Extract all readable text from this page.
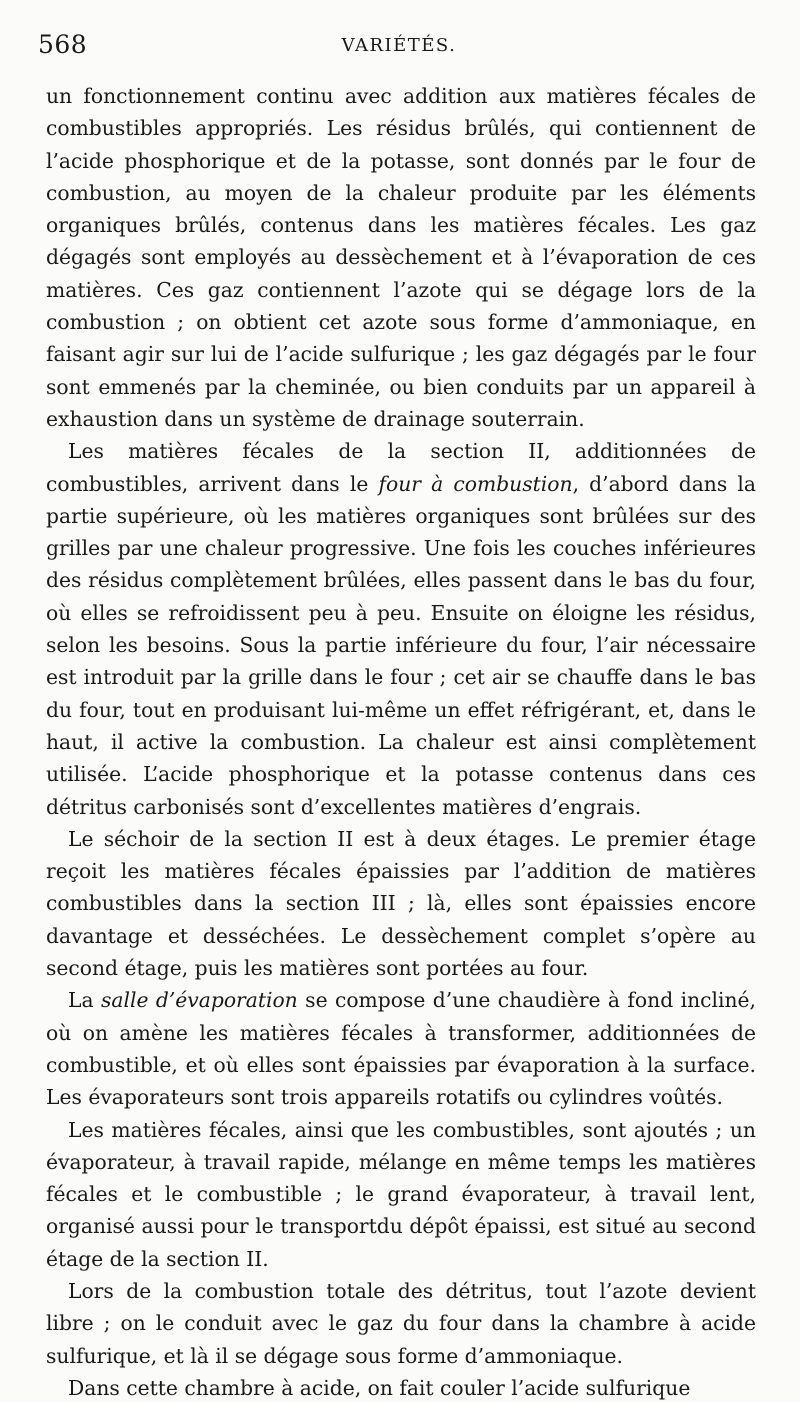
568	VARIÉTÉS.

un fonctionnement continu avec addition aux matières fécales de combustibles appropriés. Les résidus brûlés, qui contiennent de l’acide phosphorique et de la potasse, sont donnés par le four de combustion, au moyen de la chaleur produite par les éléments organiques brûlés, contenus dans les matières fécales. Les gaz dégagés sont employés au dessèchement et à l’évaporation de ces matières. Ces gaz contiennent l’azote qui se dégage lors de la combustion ; on obtient cet azote sous forme d’ammoniaque, en faisant agir sur lui de l’acide sulfurique ; les gaz dégagés par le four sont emmenés par la cheminée, ou bien conduits par un appareil à exhaustion dans un système de drainage souterrain.

Les matières fécales de la section II, additionnées de combustibles, arrivent dans le four à combustion, d’abord dans la partie supérieure, où les matières organiques sont brûlées sur des grilles par une chaleur progressive. Une fois les couches inférieures des résidus complètement brûlées, elles passent dans le bas du four, où elles se refroidissent peu à peu. Ensuite on éloigne les résidus, selon les besoins. Sous la partie inférieure du four, l’air nécessaire est introduit par la grille dans le four ; cet air se chauffe dans le bas du four, tout en produisant lui-même un effet réfrigérant, et, dans le haut, il active la combustion. La chaleur est ainsi complètement utilisée. L’acide phosphorique et la potasse contenus dans ces détritus carbonisés sont d’excellentes matières d’engrais.

Le séchoir de la section II est à deux étages. Le premier étage reçoit les matières fécales épaissies par l’addition de matières combustibles dans la section III ; là, elles sont épaissies encore davantage et desséchées. Le dessèchement complet s’opère au second étage, puis les matières sont portées au four.

La salle d’évaporation se compose d’une chaudière à fond incliné, où on amène les matières fécales à transformer, additionnées de combustible, et où elles sont épaissies par évaporation à la surface. Les évaporateurs sont trois appareils rotatifs ou cylindres voûtés.

Les matières fécales, ainsi que les combustibles, sont ajoutés ; un évaporateur, à travail rapide, mélange en même temps les matières fécales et le combustible ; le grand évaporateur, à travail lent, organisé aussi pour le transportdu dépôt épaissi, est situé au second étage de la section II.

Lors de la combustion totale des détritus, tout l’azote devient libre ; on le conduit avec le gaz du four dans la chambre à acide sulfurique, et là il se dégage sous forme d’ammoniaque.

Dans cette chambre à acide, on fait couler l’acide sulfurique
